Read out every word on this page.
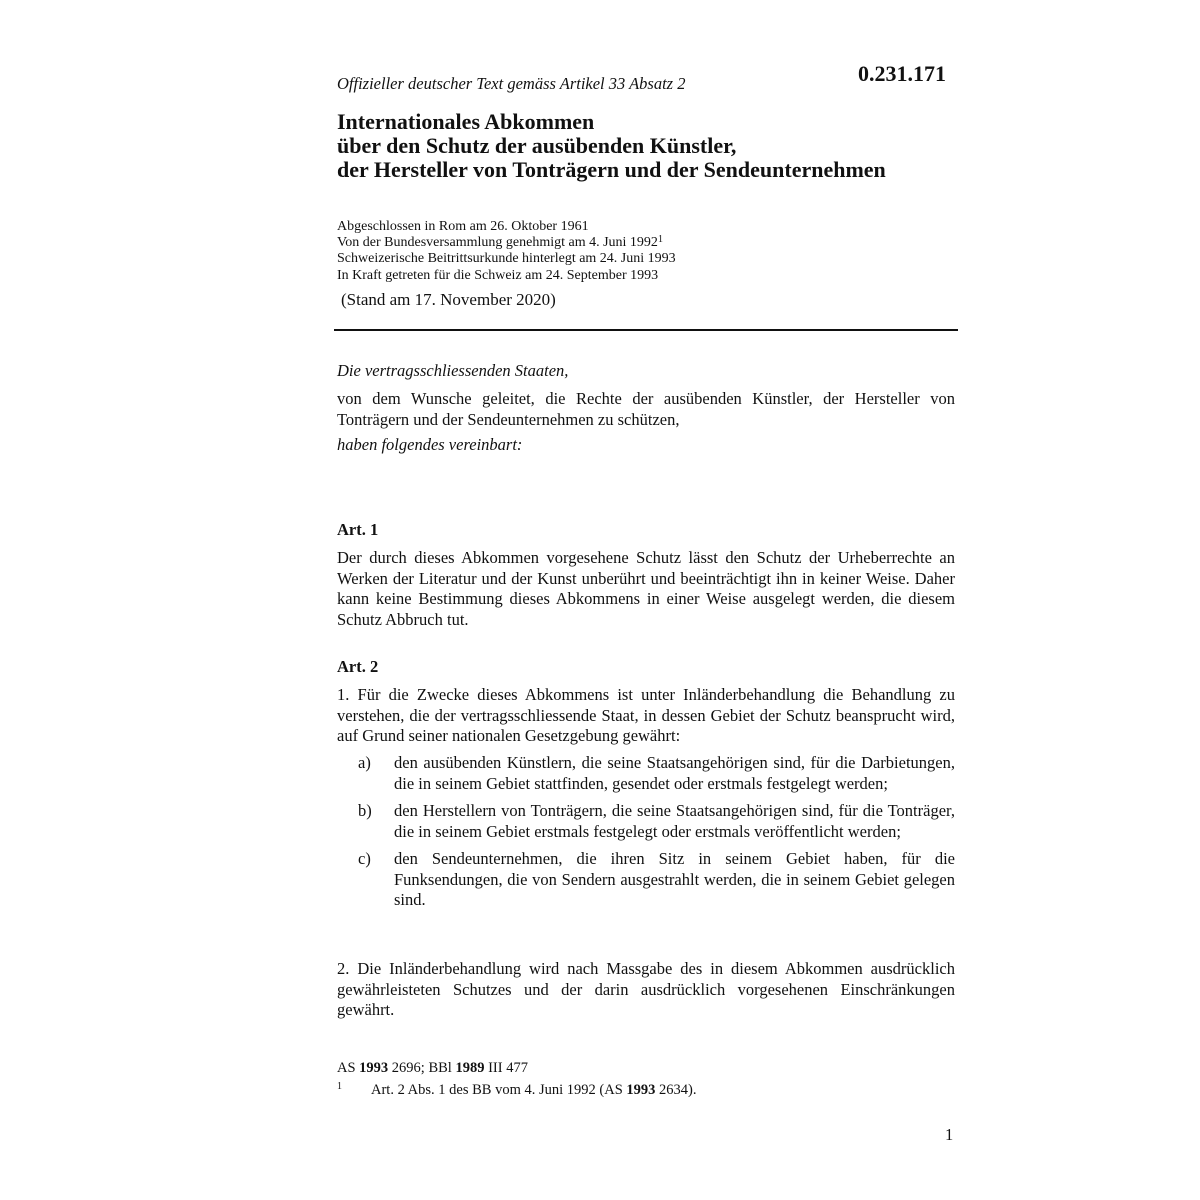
Offizieller deutscher Text gemäss Artikel 33 Absatz 2	0.231.171
Internationales Abkommen
über den Schutz der ausübenden Künstler,
der Hersteller von Tonträgern und der Sendeunternehmen
Abgeschlossen in Rom am 26. Oktober 1961
Von der Bundesversammlung genehmigt am 4. Juni 1992$^1$
Schweizerische Beitrittsurkunde hinterlegt am 24. Juni 1993
In Kraft getreten für die Schweiz am 24. September 1993
(Stand am 17. November 2020)
Die vertragsschliessenden Staaten,
von dem Wunsche geleitet, die Rechte der ausübenden Künstler, der Hersteller von Tonträgern und der Sendeunternehmen zu schützen,
haben folgendes vereinbart:
Art. 1
Der durch dieses Abkommen vorgesehene Schutz lässt den Schutz der Urheberrechte an Werken der Literatur und der Kunst unberührt und beeinträchtigt ihn in keiner Weise. Daher kann keine Bestimmung dieses Abkommens in einer Weise ausgelegt werden, die diesem Schutz Abbruch tut.
Art. 2
1. Für die Zwecke dieses Abkommens ist unter Inländerbehandlung die Behandlung zu verstehen, die der vertragsschliessende Staat, in dessen Gebiet der Schutz beansprucht wird, auf Grund seiner nationalen Gesetzgebung gewährt:
a) den ausübenden Künstlern, die seine Staatsangehörigen sind, für die Darbietungen, die in seinem Gebiet stattfinden, gesendet oder erstmals festgelegt werden;
b) den Herstellern von Tonträgern, die seine Staatsangehörigen sind, für die Tonträger, die in seinem Gebiet erstmals festgelegt oder erstmals veröffentlicht werden;
c) den Sendeunternehmen, die ihren Sitz in seinem Gebiet haben, für die Funksendungen, die von Sendern ausgestrahlt werden, die in seinem Gebiet gelegen sind.
2. Die Inländerbehandlung wird nach Massgabe des in diesem Abkommen ausdrücklich gewährleisteten Schutzes und der darin ausdrücklich vorgesehenen Einschränkungen gewährt.
AS 1993 2696; BBl 1989 III 477
1 Art. 2 Abs. 1 des BB vom 4. Juni 1992 (AS 1993 2634).
1
